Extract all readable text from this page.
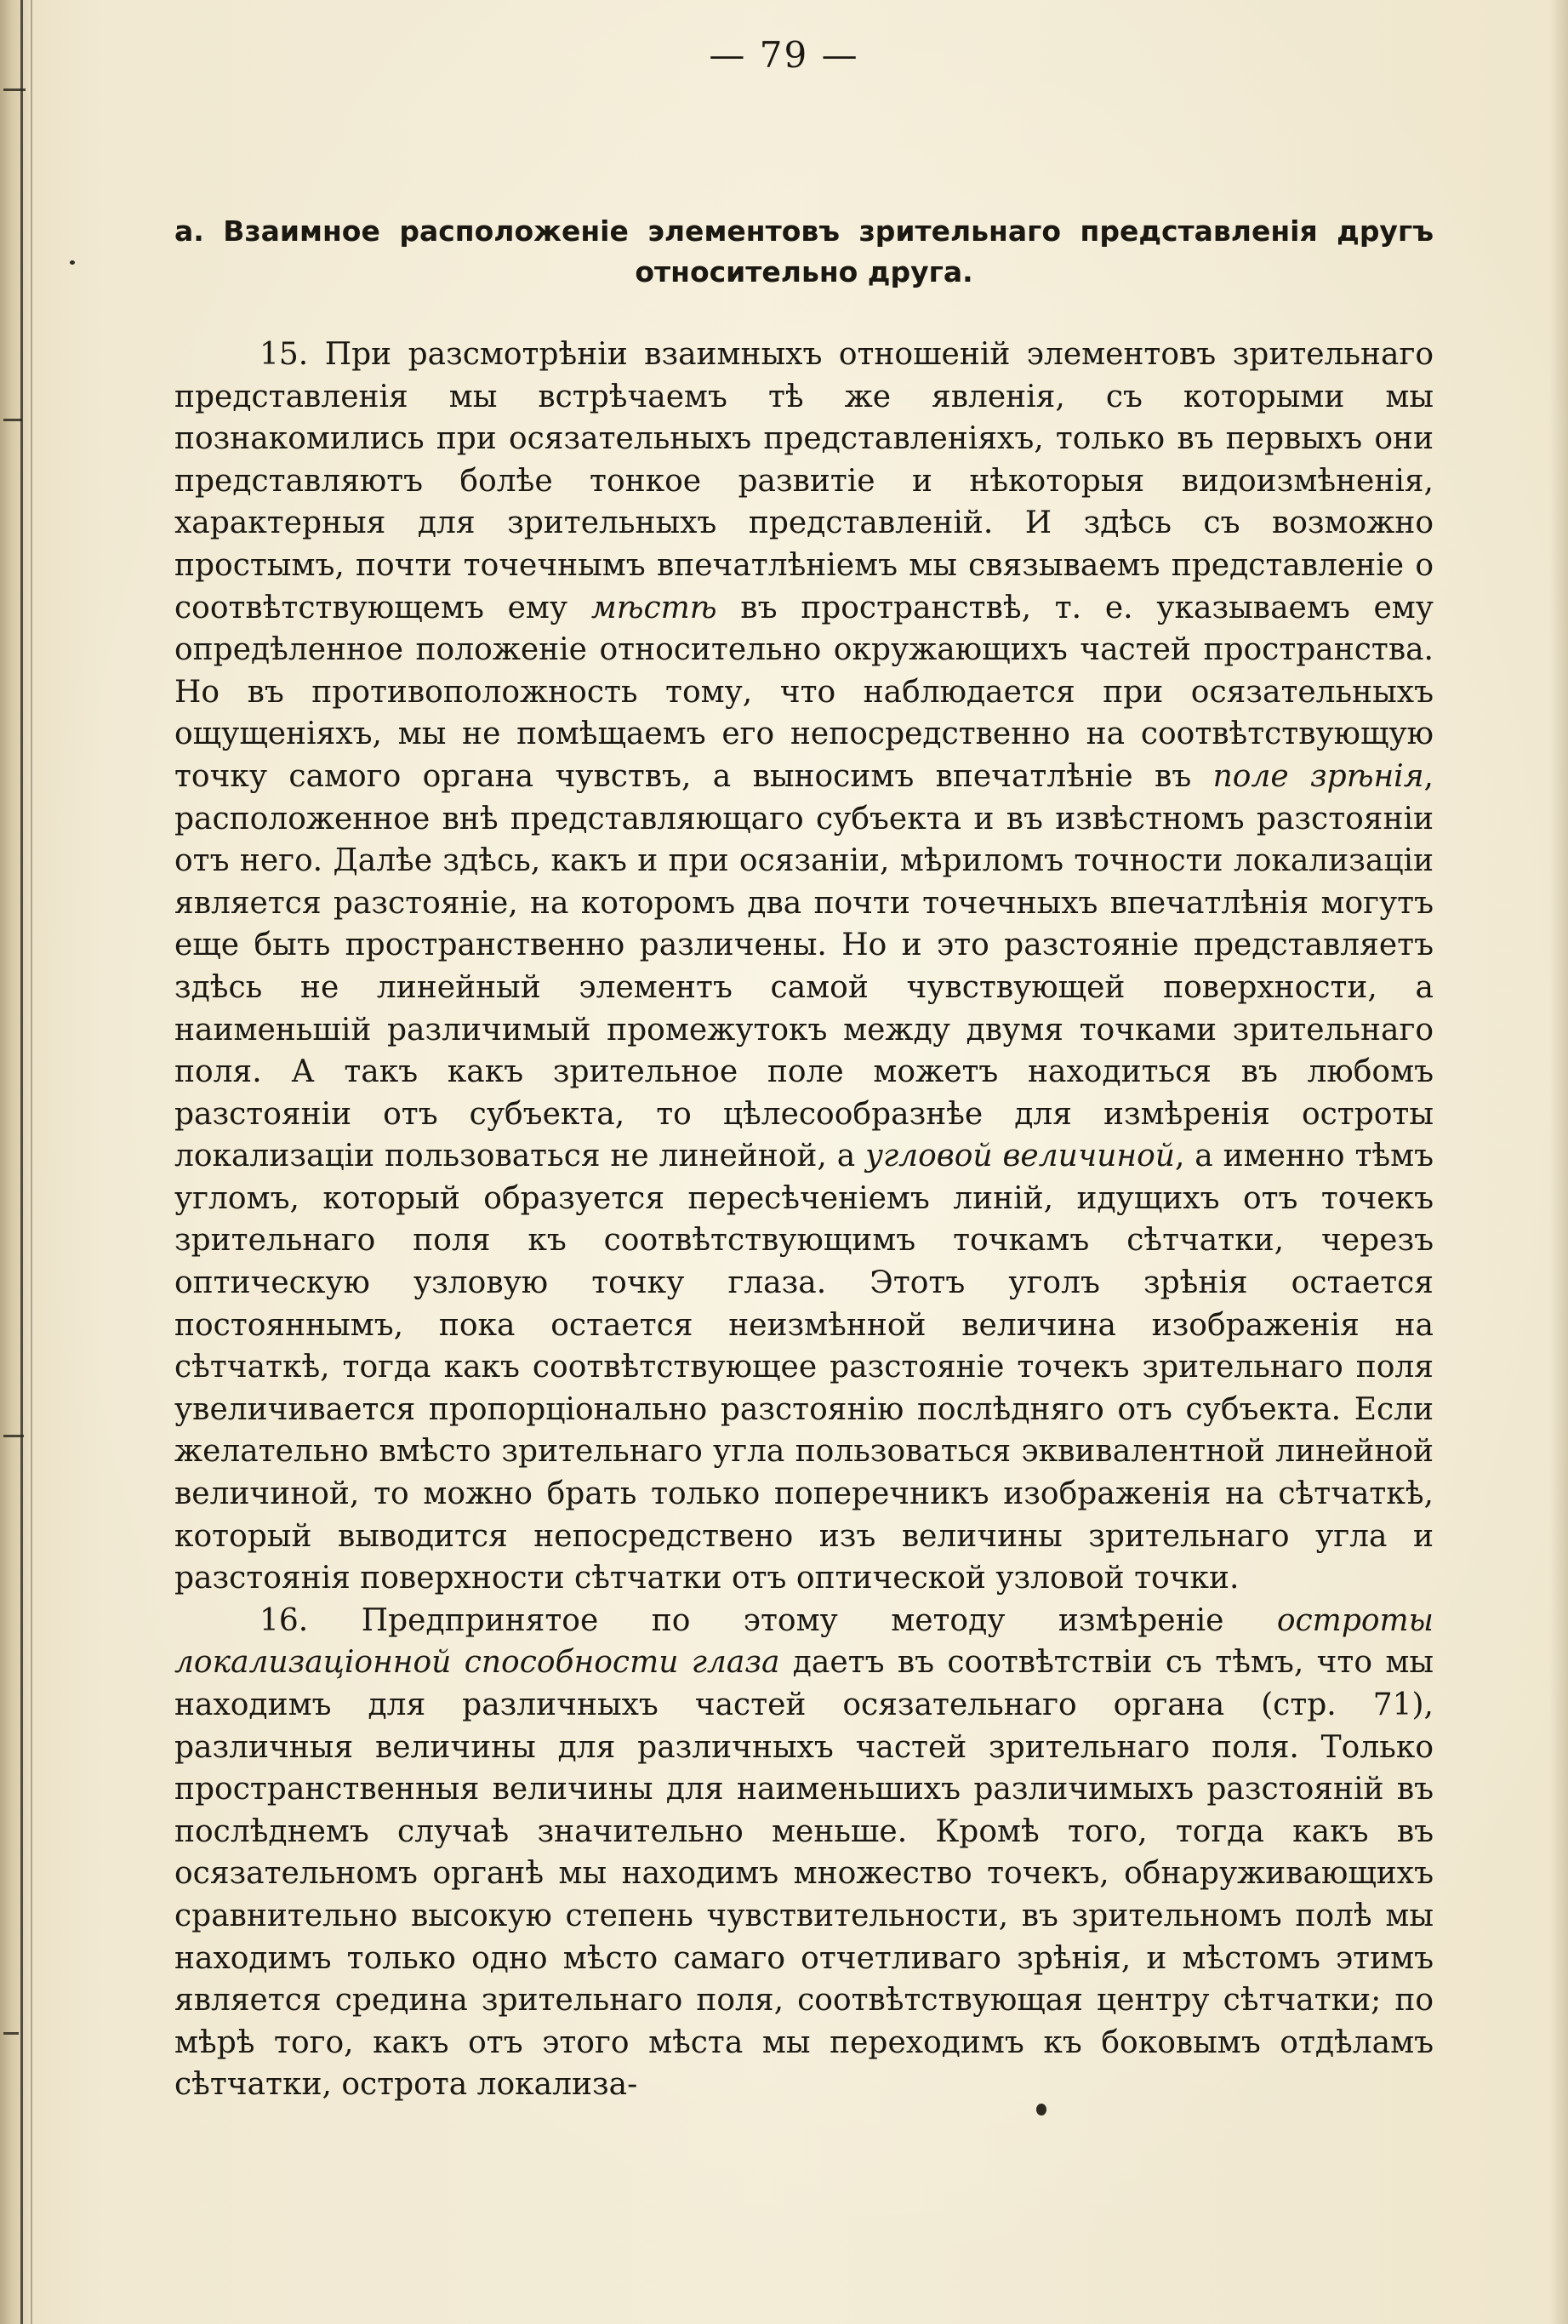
— 79 —
а. Взаимное расположеніе элементовъ зрительнаго представленія другъ относительно друга.

15. При разсмотрѣніи взаимныхъ отношеній элементовъ зрительнаго представленія мы встрѣчаемъ тѣ же явленія, съ которыми мы познакомились при осязательныхъ представленіяхъ, только въ первыхъ они представляютъ болѣе тонкое развитіе и нѣкоторыя видоизмѣненія, характерныя для зрительныхъ представленій. И здѣсь съ возможно простымъ, почти точечнымъ впечатлѣніемъ мы связываемъ представленіе о соотвѣтствующемъ ему мѣстѣ въ пространствѣ, т. е. указываемъ ему опредѣленное положеніе относительно окружающихъ частей пространства. Но въ противоположность тому, что наблюдается при осязательныхъ ощущеніяхъ, мы не помѣщаемъ его непосредственно на соотвѣтствующую точку самого органа чувствъ, а выносимъ впечатлѣніе въ поле зрѣнія, расположенное внѣ представляющаго субъекта и въ извѣстномъ разстояніи отъ него. Далѣе здѣсь, какъ и при осязаніи, мѣриломъ точности локализаціи является разстояніе, на которомъ два почти точечныхъ впечатлѣнія могутъ еще быть пространственно различены. Но и это разстояніе представляетъ здѣсь не линейный элементъ самой чувствующей поверхности, а наименьшій различимый промежутокъ между двумя точками зрительнаго поля. А такъ какъ зрительное поле можетъ находиться въ любомъ разстояніи отъ субъекта, то цѣлесообразнѣе для измѣренія остроты локализаціи пользоваться не линейной, а угловой величиной, а именно тѣмъ угломъ, который образуется пересѣченіемъ линій, идущихъ отъ точекъ зрительнаго поля къ соотвѣтствующимъ точкамъ сѣтчатки, черезъ оптическую узловую точку глаза. Этотъ уголъ зрѣнія остается постояннымъ, пока остается неизмѣнной величина изображенія на сѣтчаткѣ, тогда какъ соотвѣтствующее разстояніе точекъ зрительнаго поля увеличивается пропорціонально разстоянію послѣдняго отъ субъекта. Если желательно вмѣсто зрительнаго угла пользоваться эквивалентной линейной величиной, то можно брать только поперечникъ изображенія на сѣтчаткѣ, который выводится непосредствено изъ величины зрительнаго угла и разстоянія поверхности сѣтчатки отъ оптической узловой точки.

16. Предпринятое по этому методу измѣреніе остроты локализаціонной способности глаза даетъ въ соотвѣтствіи съ тѣмъ, что мы находимъ для различныхъ частей осязательнаго органа (стр. 71), различныя величины для различныхъ частей зрительнаго поля. Только пространственныя величины для наименьшихъ различимыхъ разстояній въ послѣднемъ случаѣ значительно меньше. Кромѣ того, тогда какъ въ осязательномъ органѣ мы находимъ множество точекъ, обнаруживающихъ сравнительно высокую степень чувствительности, въ зрительномъ полѣ мы находимъ только одно мѣсто самаго отчетливаго зрѣнія, и мѣстомъ этимъ является средина зрительнаго поля, соотвѣтствующая центру сѣтчатки; по мѣрѣ того, какъ отъ этого мѣста мы переходимъ къ боковымъ отдѣламъ сѣтчатки, острота локализа-
